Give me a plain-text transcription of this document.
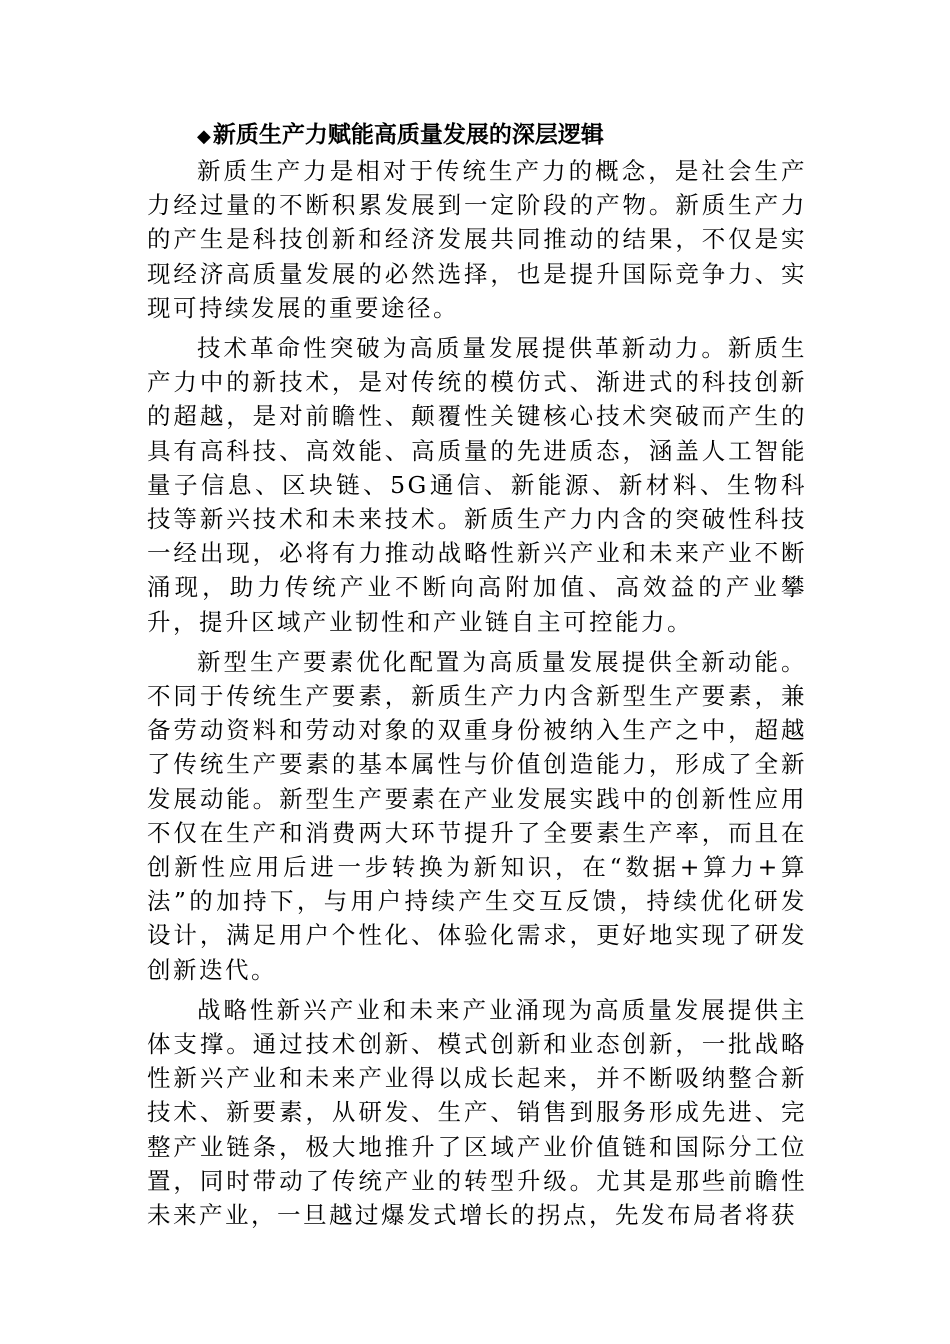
◆新质生产力赋能高质量发展的深层逻辑

新质生产力是相对于传统生产力的概念，是社会生产力经过量的不断积累发展到一定阶段的产物。新质生产力的产生是科技创新和经济发展共同推动的结果，不仅是实现经济高质量发展的必然选择，也是提升国际竞争力、实现可持续发展的重要途径。

技术革命性突破为高质量发展提供革新动力。新质生产力中的新技术，是对传统的模仿式、渐进式的科技创新的超越，是对前瞻性、颠覆性关键核心技术突破而产生的具有高科技、高效能、高质量的先进质态，涵盖人工智能量子信息、区块链、5G通信、新能源、新材料、生物科技等新兴技术和未来技术。新质生产力内含的突破性科技一经出现，必将有力推动战略性新兴产业和未来产业不断涌现，助力传统产业不断向高附加值、高效益的产业攀升，提升区域产业韧性和产业链自主可控能力。

新型生产要素优化配置为高质量发展提供全新动能。不同于传统生产要素，新质生产力内含新型生产要素，兼备劳动资料和劳动对象的双重身份被纳入生产之中，超越了传统生产要素的基本属性与价值创造能力，形成了全新发展动能。新型生产要素在产业发展实践中的创新性应用不仅在生产和消费两大环节提升了全要素生产率，而且在创新性应用后进一步转换为新知识，在“数据+算力+算法”的加持下，与用户持续产生交互反馈，持续优化研发设计，满足用户个性化、体验化需求，更好地实现了研发创新迭代。

战略性新兴产业和未来产业涌现为高质量发展提供主体支撑。通过技术创新、模式创新和业态创新，一批战略性新兴产业和未来产业得以成长起来，并不断吸纳整合新技术、新要素，从研发、生产、销售到服务形成先进、完整产业链条，极大地推升了区域产业价值链和国际分工位置，同时带动了传统产业的转型升级。尤其是那些前瞻性未来产业，一旦越过爆发式增长的拐点，先发布局者将获
